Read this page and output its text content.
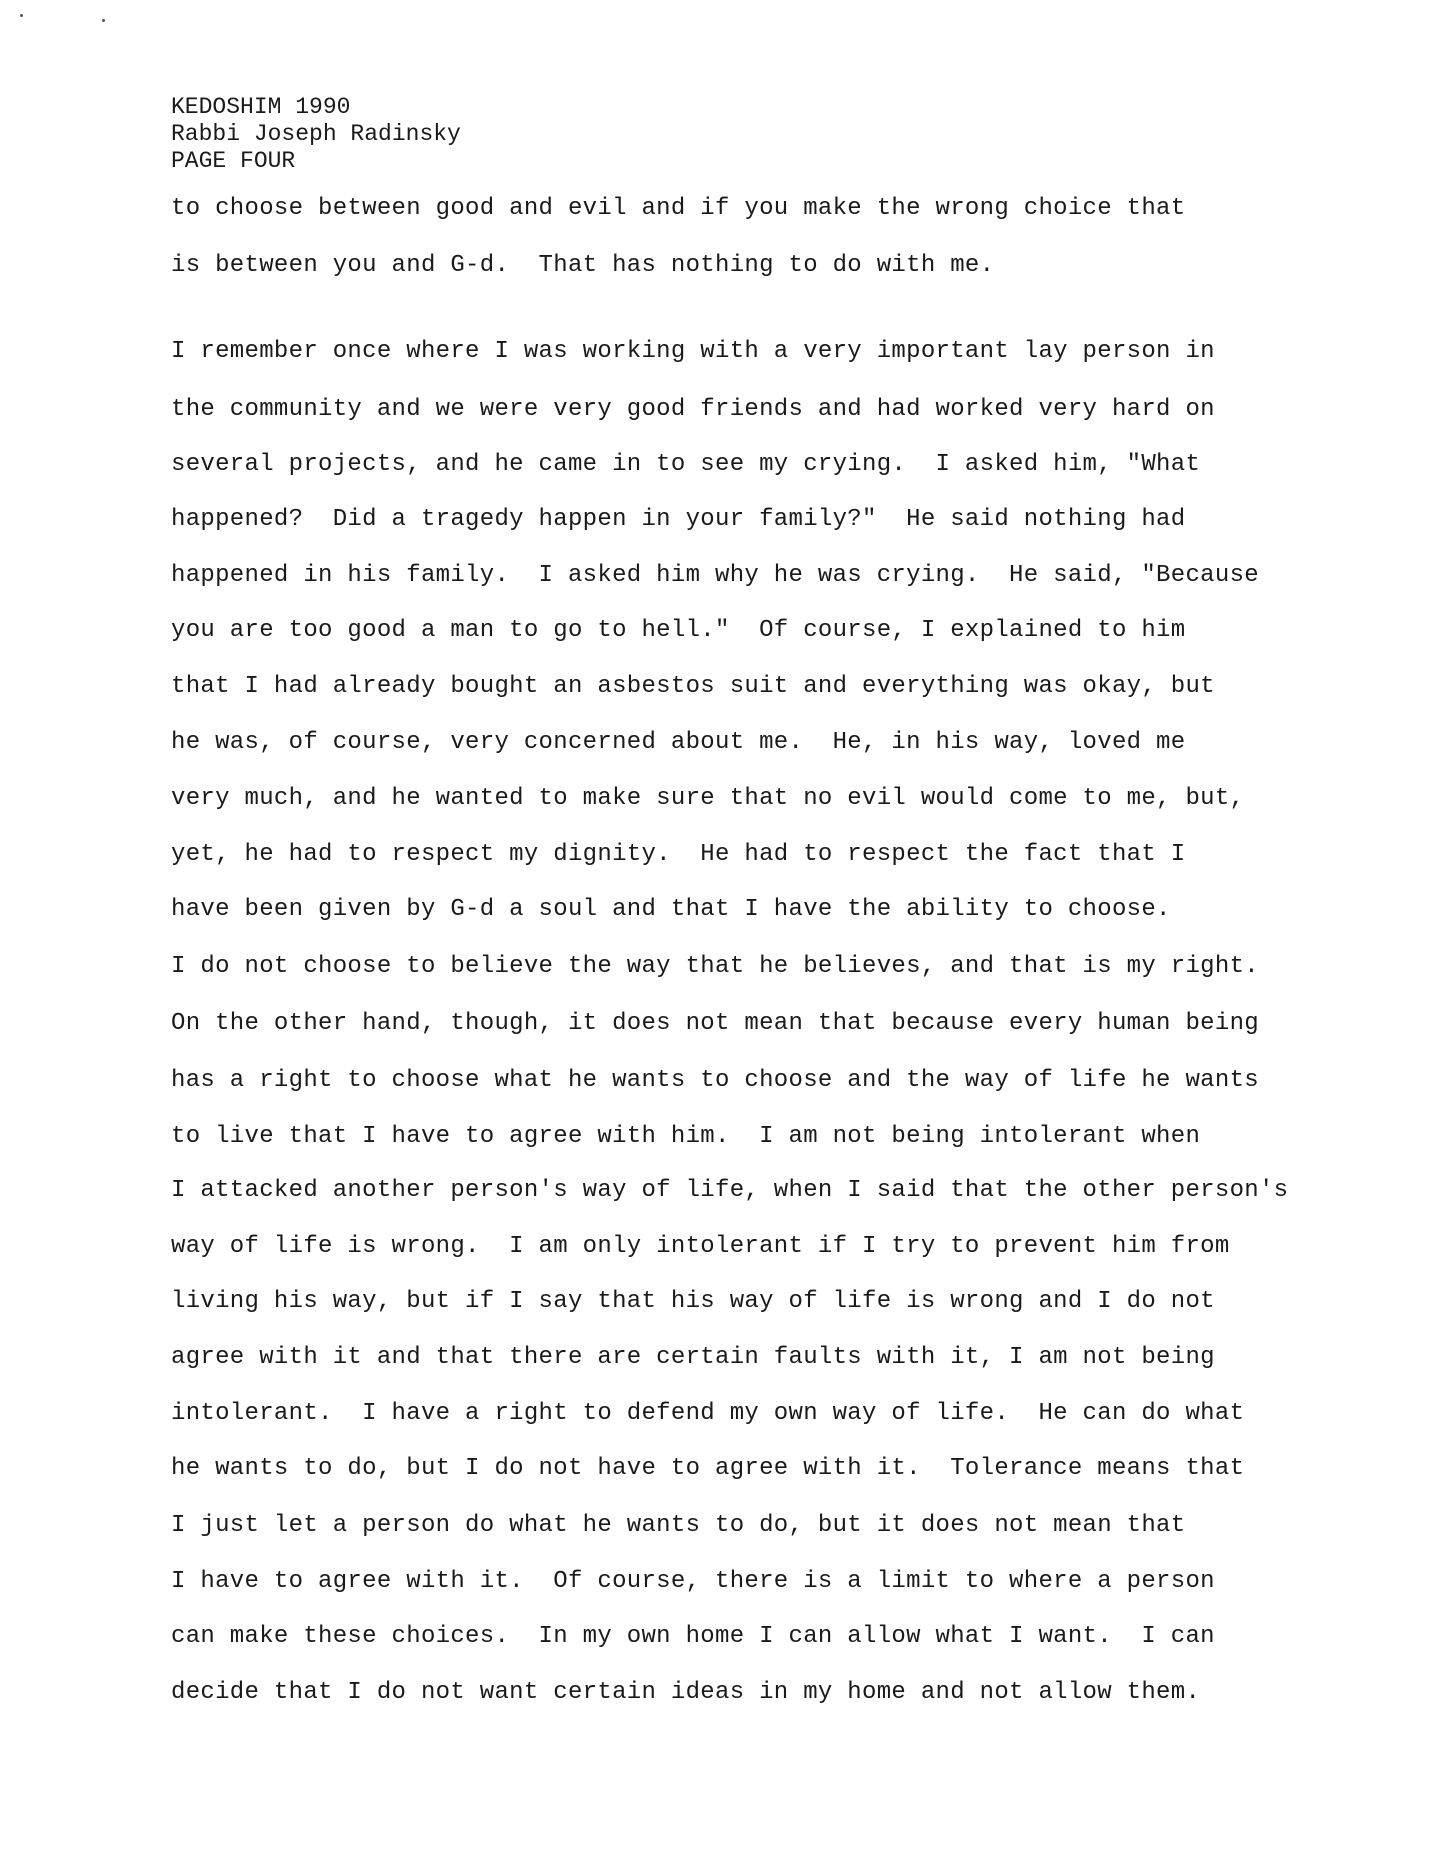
KEDOSHIM 1990
Rabbi Joseph Radinsky
PAGE FOUR
to choose between good and evil and if you make the wrong choice that
is between you and G-d.  That has nothing to do with me.
I remember once where I was working with a very important lay person in
the community and we were very good friends and had worked very hard on
several projects, and he came in to see my crying.  I asked him, "What
happened?  Did a tragedy happen in your family?"  He said nothing had
happened in his family.  I asked him why he was crying.  He said, "Because
you are too good a man to go to hell."  Of course, I explained to him
that I had already bought an asbestos suit and everything was okay, but
he was, of course, very concerned about me.  He, in his way, loved me
very much, and he wanted to make sure that no evil would come to me, but,
yet, he had to respect my dignity.  He had to respect the fact that I
have been given by G-d a soul and that I have the ability to choose.
I do not choose to believe the way that he believes, and that is my right.
On the other hand, though, it does not mean that because every human being
has a right to choose what he wants to choose and the way of life he wants
to live that I have to agree with him.  I am not being intolerant when
I attacked another person's way of life, when I said that the other person's
way of life is wrong.  I am only intolerant if I try to prevent him from
living his way, but if I say that his way of life is wrong and I do not
agree with it and that there are certain faults with it, I am not being
intolerant.  I have a right to defend my own way of life.  He can do what
he wants to do, but I do not have to agree with it.  Tolerance means that
I just let a person do what he wants to do, but it does not mean that
I have to agree with it.  Of course, there is a limit to where a person
can make these choices.  In my own home I can allow what I want.  I can
decide that I do not want certain ideas in my home and not allow them.
